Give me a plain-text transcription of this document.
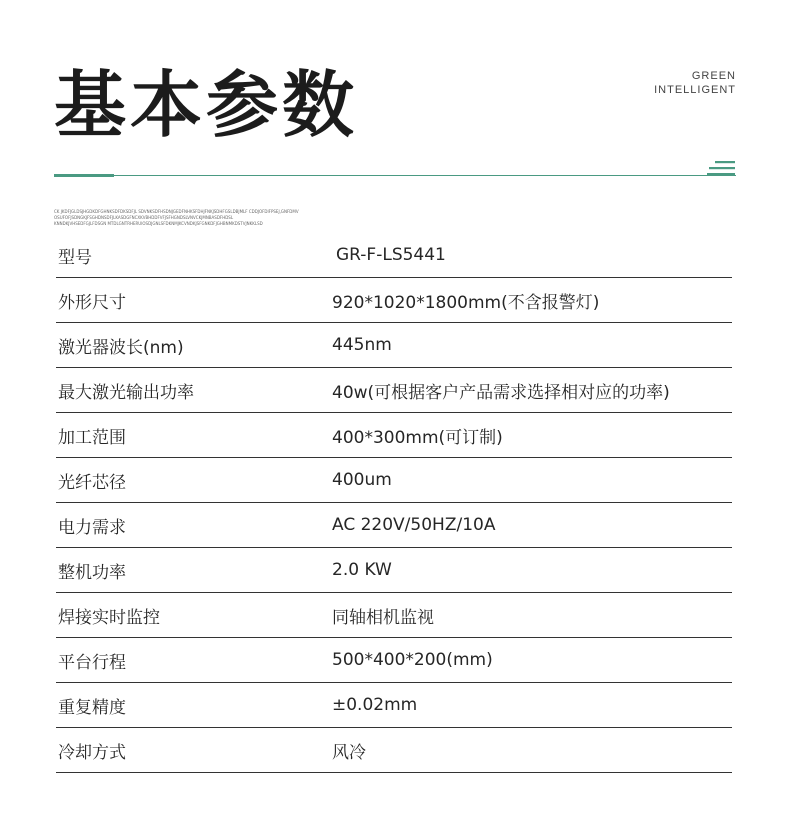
基本参数	GREEN
INTELLIGENT
CK JKDFJGLDSJHGDKDFGHNKSDFDKSDFJL SDVNKSDFHSDNJGEDFNHKSFDHJFNKJSDHFGSLDBJMLF CDDJOFDIFPSEJ,GNFDMV
OSUFOFJSDNGKJFSGHDNSDFJLKASDGFNCXKVBHDDFVFJSFHGNDSLVNVCKJMNBASDFHDSL
KNNDKJVHSEDFGJLFDSGN MTDLGNTRHERUIOSDJGNLSFDKNMJKCVNDKJSFGNKDFJGHBNMKDSTVJNKKLSD
型号	GR-F-LS5441
外形尺寸	920*1020*1800mm(不含报警灯)
激光器波长(nm)	445nm
最大激光输出功率	40w(可根据客户产品需求选择相对应的功率)
加工范围	400*300mm(可订制)
光纤芯径	400um
电力需求	AC 220V/50HZ/10A
整机功率	2.0 KW
焊接实时监控	同轴相机监视
平台行程	500*400*200(mm)
重复精度	±0.02mm
冷却方式	风冷
